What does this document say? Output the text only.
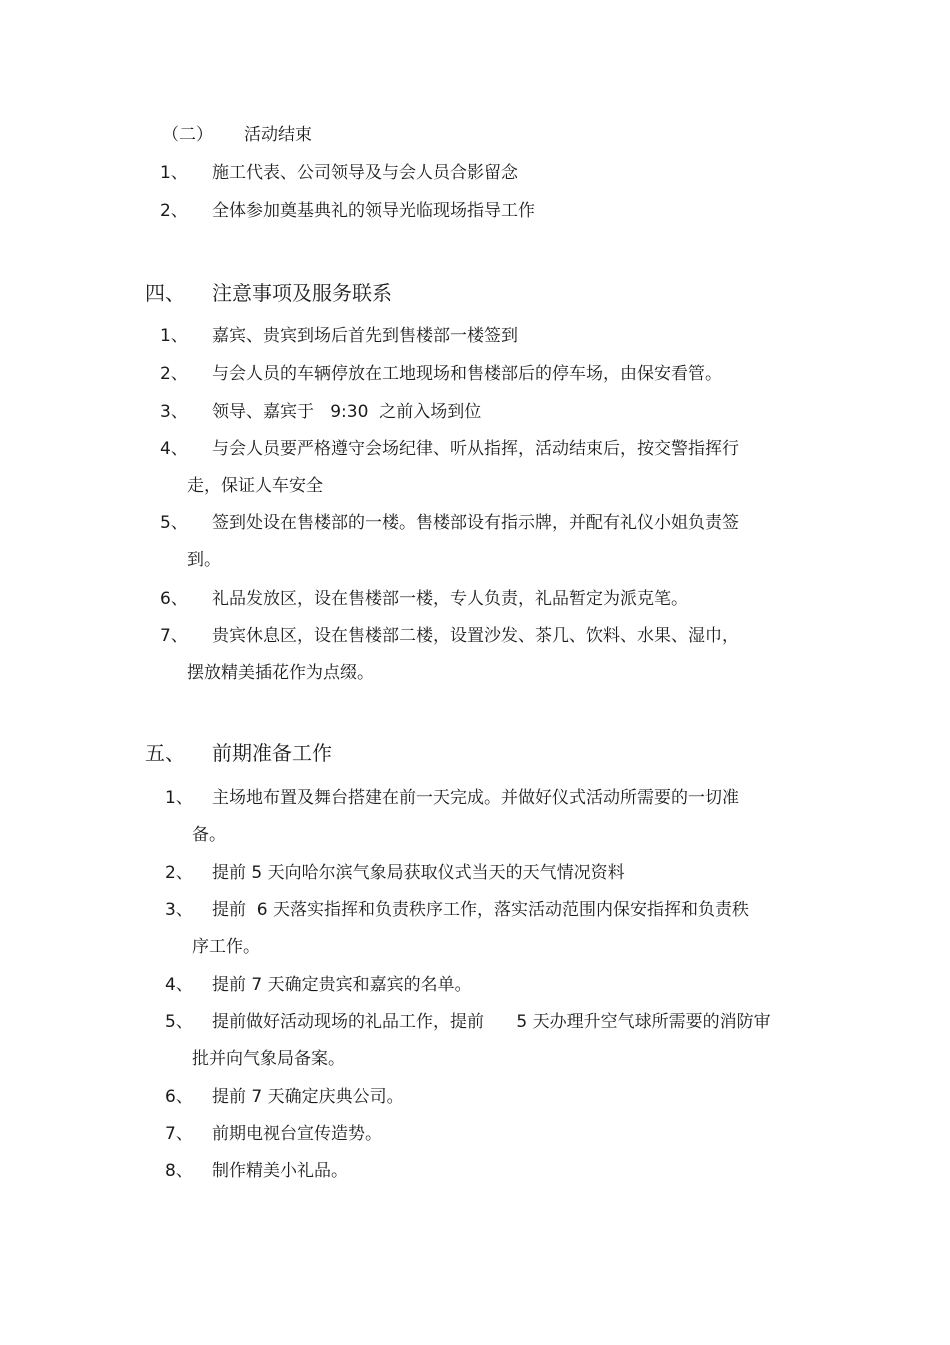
（二） 活动结束
1、 施工代表、公司领导及与会人员合影留念
2、 全体参加奠基典礼的领导光临现场指导工作
四、 注意事项及服务联系
1、 嘉宾、贵宾到场后首先到售楼部一楼签到
2、 与会人员的车辆停放在工地现场和售楼部后的停车场，由保安看管。
3、 领导、嘉宾于   9:30  之前入场到位
4、 与会人员要严格遵守会场纪律、听从指挥，活动结束后，按交警指挥行
走，保证人车安全
5、 签到处设在售楼部的一楼。售楼部设有指示牌，并配有礼仪小姐负责签
到。
6、 礼品发放区，设在售楼部一楼，专人负责，礼品暂定为派克笔。
7、 贵宾休息区，设在售楼部二楼，设置沙发、茶几、饮料、水果、湿巾，
摆放精美插花作为点缀。
五、 前期准备工作
1、 主场地布置及舞台搭建在前一天完成。并做好仪式活动所需要的一切准
备。
2、 提前 5 天向哈尔滨气象局获取仪式当天的天气情况资料
3、 提前  6 天落实指挥和负责秩序工作，落实活动范围内保安指挥和负责秩
序工作。
4、 提前 7 天确定贵宾和嘉宾的名单。
5、 提前做好活动现场的礼品工作，提前      5 天办理升空气球所需要的消防审
批并向气象局备案。
6、 提前 7 天确定庆典公司。
7、 前期电视台宣传造势。
8、 制作精美小礼品。
